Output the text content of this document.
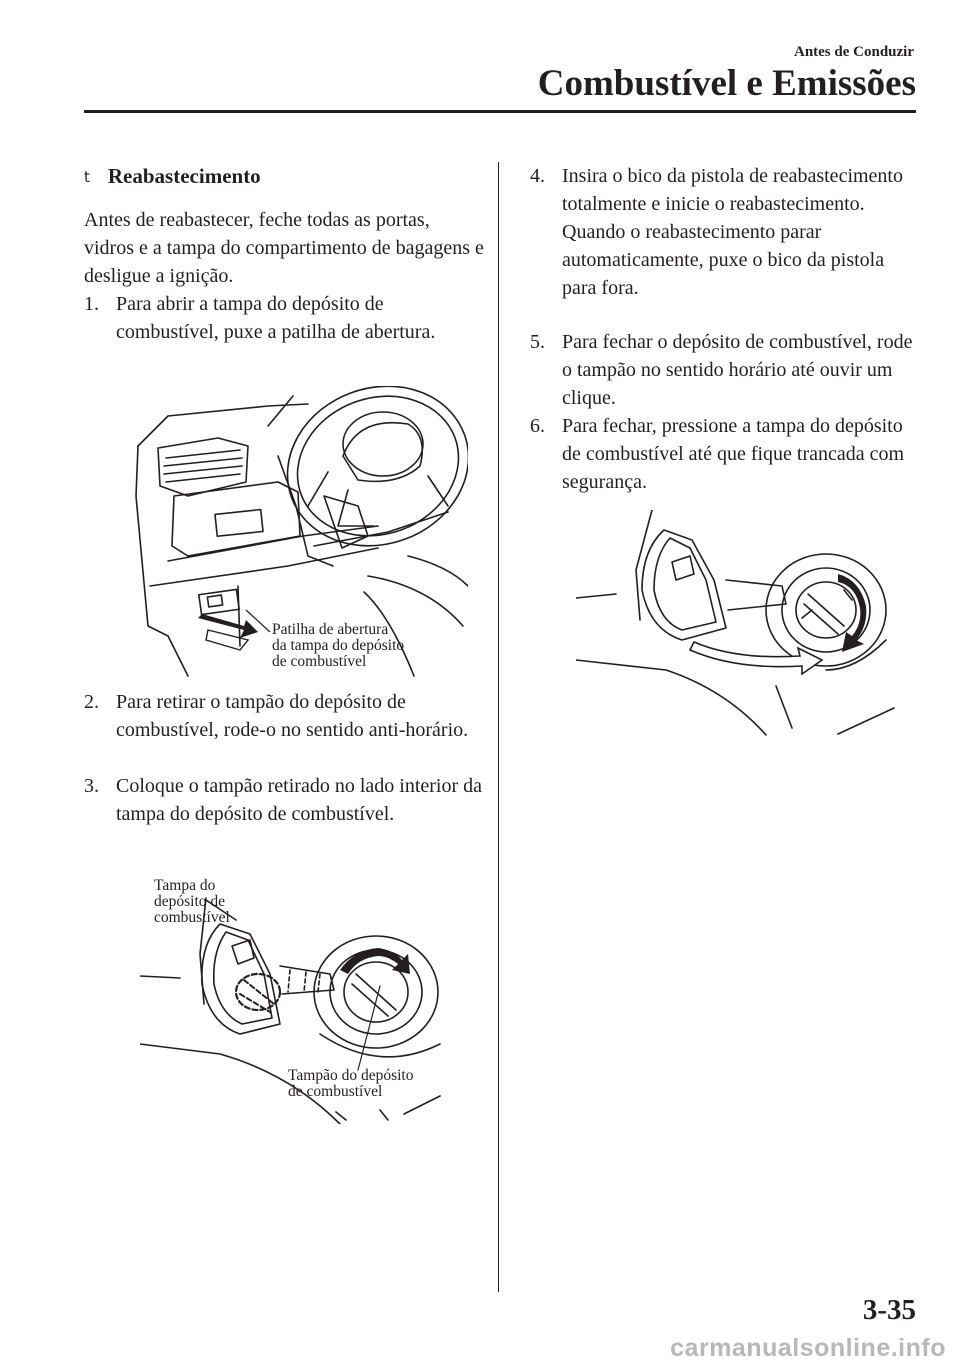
Antes de Conduzir
Combustível e Emissões
t Reabastecimento
Antes de reabastecer, feche todas as portas, vidros e a tampa do compartimento de bagagens e desligue a ignição.

1. Para abrir a tampa do depósito de combustível, puxe a patilha de abertura.

Patilha de abertura
da tampa do depósito
de combustível

2. Para retirar o tampão do depósito de combustível, rode-o no sentido anti-horário.

3. Coloque o tampão retirado no lado interior da tampa do depósito de combustível.

Tampa do depósito de combustível
Tampão do depósito
de combustível

4. Insira o bico da pistola de reabastecimento totalmente e inicie o reabastecimento. Quando o reabastecimento parar automaticamente, puxe o bico da pistola para fora.

5. Para fechar o depósito de combustível, rode o tampão no sentido horário até ouvir um clique.

6. Para fechar, pressione a tampa do depósito de combustível até que fique trancada com segurança.

3-35
carmanualsonline.info
